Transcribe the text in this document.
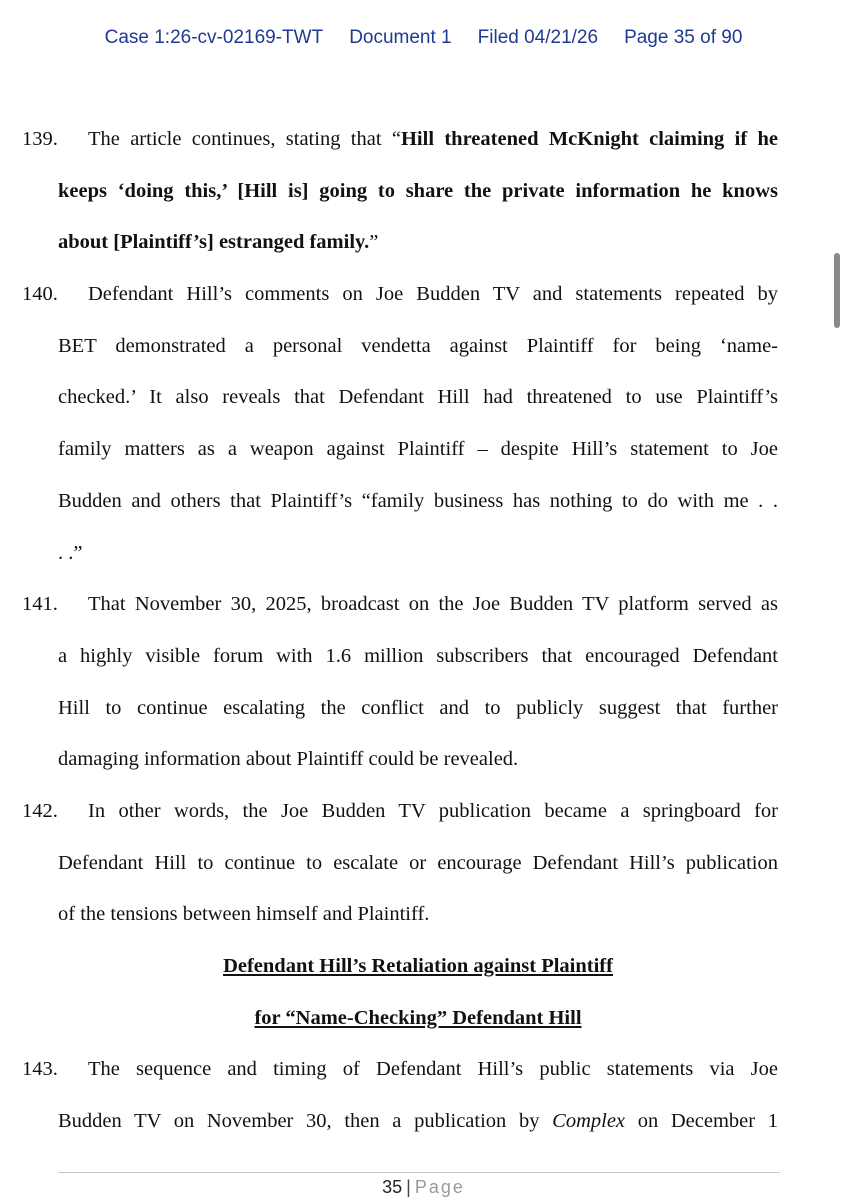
Case 1:26-cv-02169-TWT Document 1 Filed 04/21/26 Page 35 of 90
139. The article continues, stating that “Hill threatened McKnight claiming if he
keeps ‘doing this,’ [Hill is] going to share the private information he knows
about [Plaintiff’s] estranged family.”
140. Defendant Hill’s comments on Joe Budden TV and statements repeated by
BET demonstrated a personal vendetta against Plaintiff for being ‘name-
checked.’ It also reveals that Defendant Hill had threatened to use Plaintiff’s
family matters as a weapon against Plaintiff – despite Hill’s statement to Joe
Budden and others that Plaintiff’s “family business has nothing to do with me . .
. .”
141. That November 30, 2025, broadcast on the Joe Budden TV platform served as
a highly visible forum with 1.6 million subscribers that encouraged Defendant
Hill to continue escalating the conflict and to publicly suggest that further
damaging information about Plaintiff could be revealed.
142. In other words, the Joe Budden TV publication became a springboard for
Defendant Hill to continue to escalate or encourage Defendant Hill’s publication
of the tensions between himself and Plaintiff.
Defendant Hill’s Retaliation against Plaintiff
for “Name-Checking” Defendant Hill
143. The sequence and timing of Defendant Hill’s public statements via Joe
Budden TV on November 30, then a publication by Complex on December 1
35 | Page
